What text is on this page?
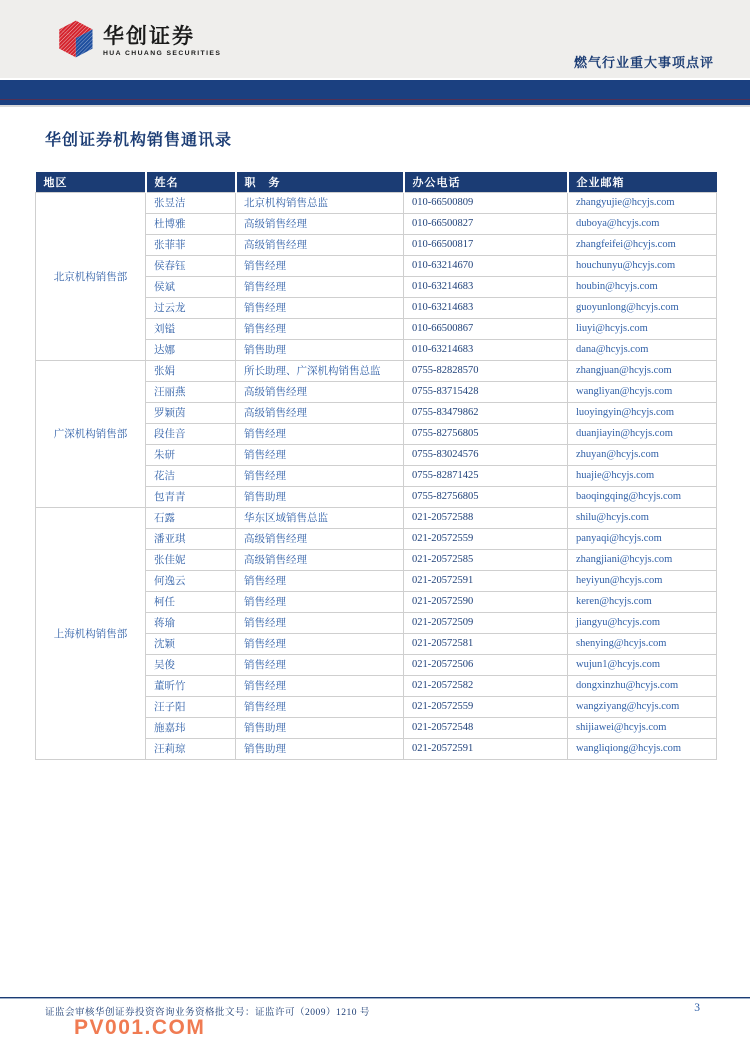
华创证券
HUA CHUANG SECURITIES
燃气行业重大事项点评
华创证券机构销售通讯录
地区	姓名	职　务	办公电话	企业邮箱
北京机构销售部	张昱洁	北京机构销售总监	010-66500809	zhangyujie@hcyjs.com
	杜博雅	高级销售经理	010-66500827	duboya@hcyjs.com
	张菲菲	高级销售经理	010-66500817	zhangfeifei@hcyjs.com
	侯春钰	销售经理	010-63214670	houchunyu@hcyjs.com
	侯斌	销售经理	010-63214683	houbin@hcyjs.com
	过云龙	销售经理	010-63214683	guoyunlong@hcyjs.com
	刘镒	销售经理	010-66500867	liuyi@hcyjs.com
	达娜	销售助理	010-63214683	dana@hcyjs.com
广深机构销售部	张娟	所长助理、广深机构销售总监	0755-82828570	zhangjuan@hcyjs.com
	汪丽燕	高级销售经理	0755-83715428	wangliyan@hcyjs.com
	罗颖茵	高级销售经理	0755-83479862	luoyingyin@hcyjs.com
	段佳音	销售经理	0755-82756805	duanjiayin@hcyjs.com
	朱研	销售经理	0755-83024576	zhuyan@hcyjs.com
	花洁	销售经理	0755-82871425	huajie@hcyjs.com
	包青青	销售助理	0755-82756805	baoqingqing@hcyjs.com
上海机构销售部	石露	华东区域销售总监	021-20572588	shilu@hcyjs.com
	潘亚琪	高级销售经理	021-20572559	panyaqi@hcyjs.com
	张佳妮	高级销售经理	021-20572585	zhangjiani@hcyjs.com
	何逸云	销售经理	021-20572591	heyiyun@hcyjs.com
	柯任	销售经理	021-20572590	keren@hcyjs.com
	蒋瑜	销售经理	021-20572509	jiangyu@hcyjs.com
	沈颖	销售经理	021-20572581	shenying@hcyjs.com
	吴俊	销售经理	021-20572506	wujun1@hcyjs.com
	董昕竹	销售经理	021-20572582	dongxinzhu@hcyjs.com
	汪子阳	销售经理	021-20572559	wangziyang@hcyjs.com
	施嘉玮	销售助理	021-20572548	shijiawei@hcyjs.com
	汪莉琼	销售助理	021-20572591	wangliqiong@hcyjs.com
证监会审核华创证券投资咨询业务资格批文号：证监许可（2009）1210 号	3
PV001.COM
